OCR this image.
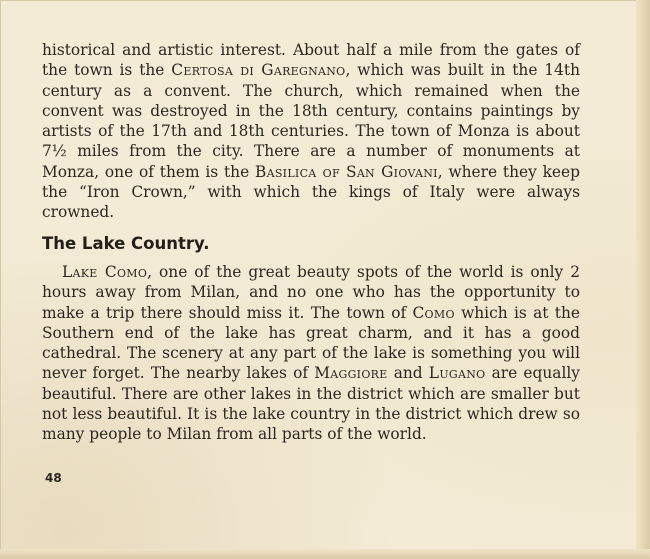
historical and artistic interest. About half a mile from the gates of the town is the Certosa di Garegnano, which was built in the 14th century as a convent. The church, which remained when the convent was destroyed in the 18th century, contains paintings by artists of the 17th and 18th centuries. The town of Monza is about 7½ miles from the city. There are a number of monuments at Monza, one of them is the Basilica of San Giovani, where they keep the “Iron Crown,” with which the kings of Italy were always crowned.

The Lake Country.

Lake Como, one of the great beauty spots of the world is only 2 hours away from Milan, and no one who has the opportunity to make a trip there should miss it. The town of Como which is at the Southern end of the lake has great charm, and it has a good cathedral. The scenery at any part of the lake is something you will never forget. The nearby lakes of Maggiore and Lugano are equally beautiful. There are other lakes in the district which are smaller but not less beautiful. It is the lake country in the district which drew so many people to Milan from all parts of the world.

48
